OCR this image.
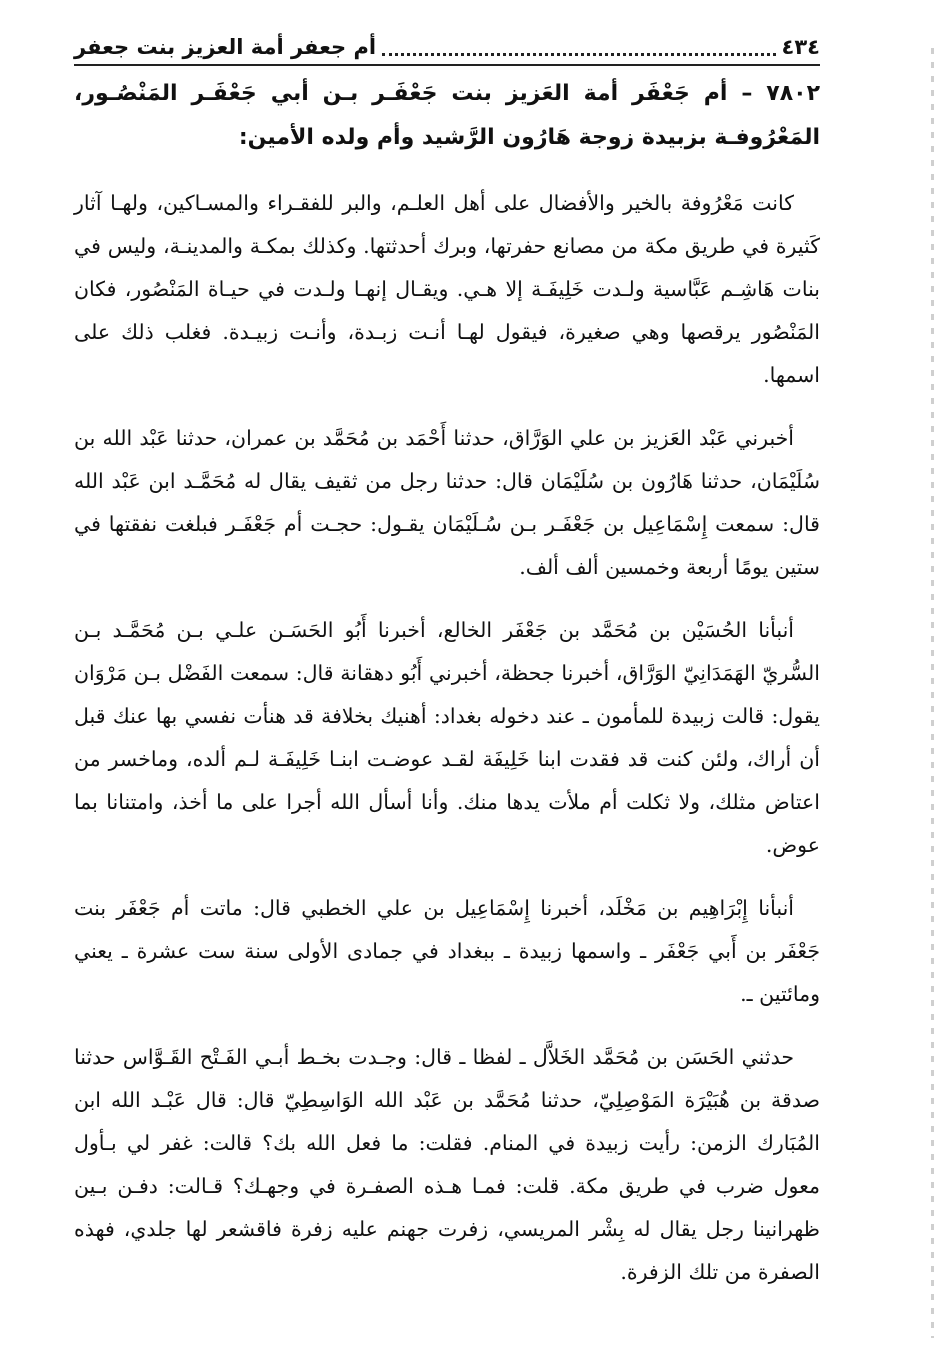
٤٣٤
أم جعفر أمة العزيز بنت جعفر
٧٨٠٢ – أم جَعْفَر أمة العَزيز بنت جَعْفَـر بـن أبي جَعْفَـر المَنْصُـور، المَعْرُوفـة بزبيدة زوجة هَارُون الرَّشيد وأم ولده الأمين:

كانت مَعْرُوفة بالخير والأفضال على أهل العلـم، والبر للفقـراء والمسـاكين، ولهـا آثار كَثيرة في طريق مكة من مصانع حفرتها، وبرك أحدثتها. وكذلك بمكـة والمدينـة، وليس في بنات هَاشِـم عَبَّاسية ولـدت خَلِيفَـة إلا هـي. ويقـال إنهـا ولـدت في حيـاة المَنْصُور، فكان المَنْصُور يرقصها وهي صغيرة، فيقول لهـا أنـت زبـدة، وأنـت زبيـدة. فغلب ذلك على اسمها.

أخبرني عَبْد العَزيز بن علي الوَرَّاق، حدثنا أَحْمَد بن مُحَمَّد بن عمران، حدثنا عَبْد الله بن سُلَيْمَان، حدثنا هَارُون بن سُلَيْمَان قال: حدثنا رجل من ثقيف يقال له مُحَمَّـد ابن عَبْد الله قال: سمعت إِسْمَاعِيل بن جَعْفَـر بـن سُـلَيْمَان يقـول: حجـت أم جَعْفَـر فبلغت نفقتها في ستين يومًا أربعة وخمسين ألف ألف.

أنبأنا الحُسَيْن بن مُحَمَّد بن جَعْفَر الخالع، أخبرنا أَبُو الحَسَـن علـي بـن مُحَمَّـد بـن السُّريّ الهَمَدَانِيّ الوَرَّاق، أخبرنا جحظة، أخبرني أَبُو دهقانة قال: سمعت الفَضْل بـن مَرْوَان يقول: قالت زبيدة للمأمون ـ عند دخوله بغداد: أهنيك بخلافة قد هنأت نفسي بها عنك قبل أن أراك، ولئن كنت قد فقدت ابنا خَلِيفَة لقـد عوضـت ابنـا خَلِيفَـة لـم ألده، وماخسر من اعتاض مثلك، ولا ثكلت أم ملأت يدها منك. وأنا أسأل الله أجرا على ما أخذ، وامتنانا بما عوض.

أنبأنا إِبْرَاهِيم بن مَخْلَد، أخبرنا إِسْمَاعِيل بن علي الخطبي قال: ماتت أم جَعْفَر بنت جَعْفَر بن أَبي جَعْفَر ـ واسمها زبيدة ـ ببغداد في جمادى الأولى سنة ست عشرة ـ يعني ومائتين ـ.

حدثني الحَسَن بن مُحَمَّد الخَلاَّل ـ لفظا ـ قال: وجـدت بخـط أبـي الفَـتْح القَـوَّاس حدثنا صدقة بن هُبَيْرَة المَوْصِلِيّ، حدثنا مُحَمَّد بن عَبْد الله الوَاسِطِيّ قال: قال عَبْـد الله ابن المُبَارك الزمن: رأيت زبيدة في المنام. فقلت: ما فعل الله بك؟ قالت: غفر لي بـأول معول ضرب في طريق مكة. قلت: فمـا هـذه الصفـرة في وجهـك؟ قـالت: دفـن بـين ظهرانينا رجل يقال له بِشْر المريسي، زفرت جهنم عليه زفرة فاقشعر لها جلدي، فهذه الصفرة من تلك الزفرة.
